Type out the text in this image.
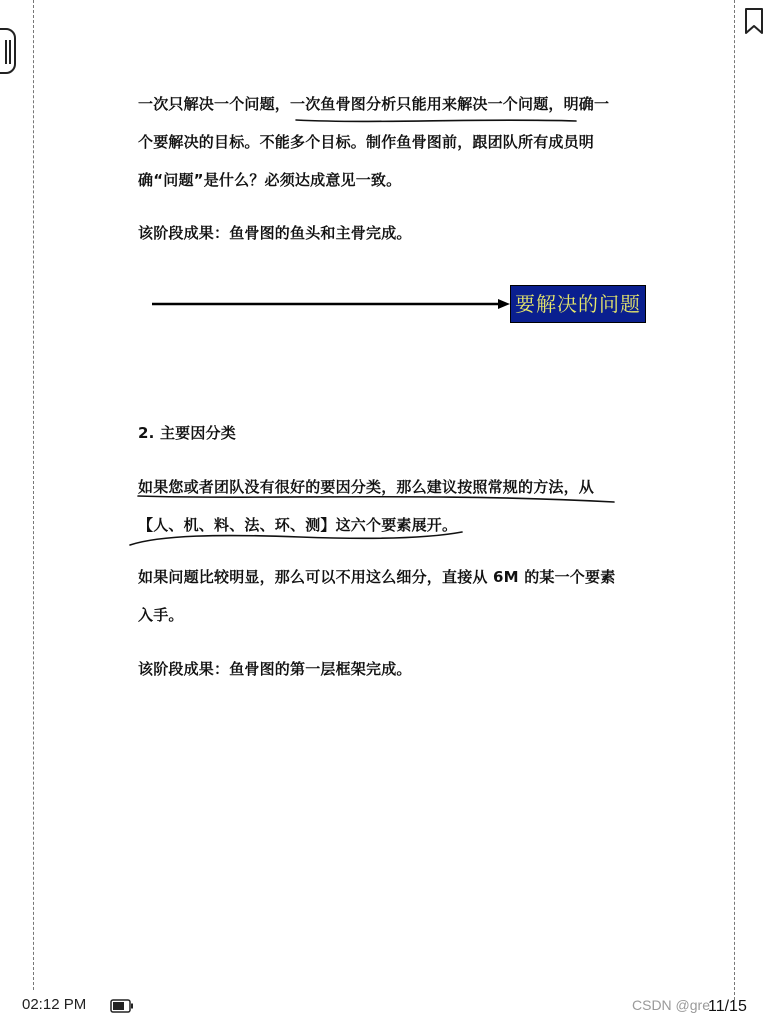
一次只解决一个问题，一次鱼骨图分析只能用来解决一个问题，明确一个要解决的目标。不能多个目标。制作鱼骨图前，跟团队所有成员明确“问题”是什么？必须达成意见一致。

该阶段成果：鱼骨图的鱼头和主骨完成。

要解决的问题

2. 主要因分类

如果您或者团队没有很好的要因分类，那么建议按照常规的方法，从【人、机、料、法、环、测】这六个要素展开。

如果问题比较明显，那么可以不用这么细分，直接从 6M 的某一个要素入手。

该阶段成果：鱼骨图的第一层框架完成。

02:12 PM	CSDN @gre
11/15
